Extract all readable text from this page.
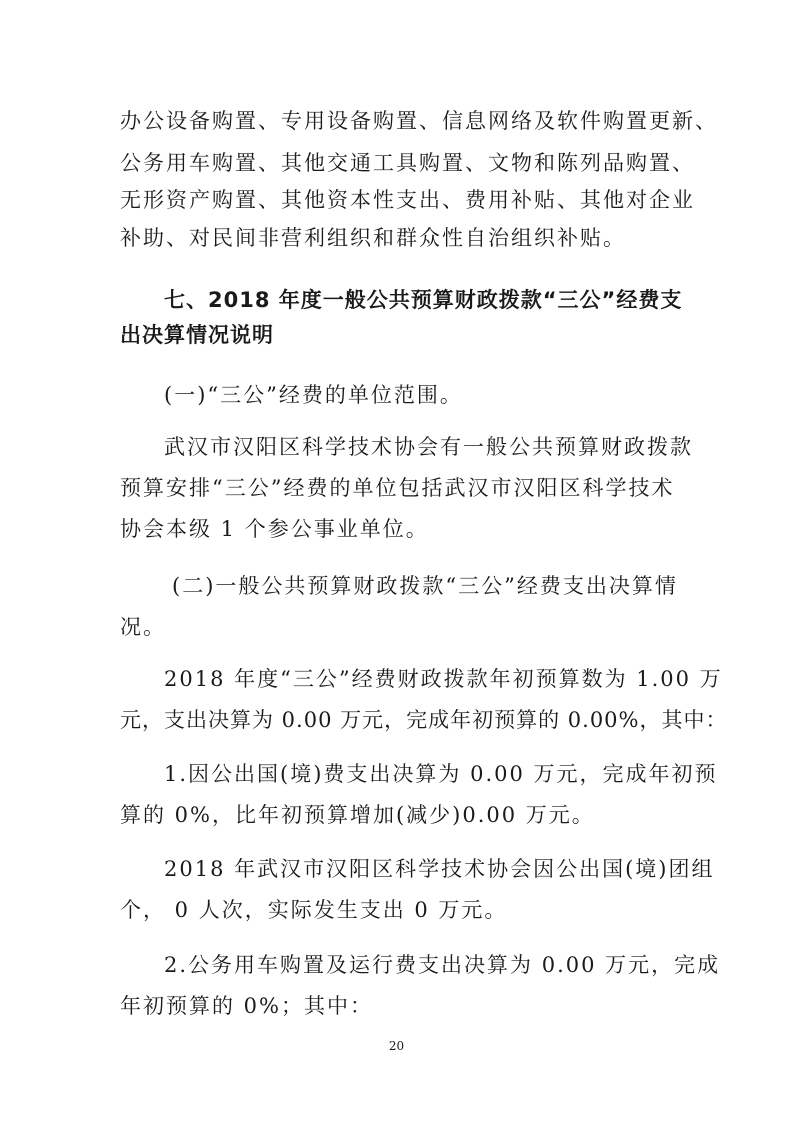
办公设备购置、专用设备购置、信息网络及软件购置更新、
公务用车购置、其他交通工具购置、文物和陈列品购置、
无形资产购置、其他资本性支出、费用补贴、其他对企业
补助、对民间非营利组织和群众性自治组织补贴。
七、2018 年度一般公共预算财政拨款“三公”经费支
出决算情况说明
(一)“三公”经费的单位范围。
武汉市汉阳区科学技术协会有一般公共预算财政拨款
预算安排“三公”经费的单位包括武汉市汉阳区科学技术
协会本级 1 个参公事业单位。
(二)一般公共预算财政拨款“三公”经费支出决算情
况。
2018 年度“三公”经费财政拨款年初预算数为 1.00 万
元，支出决算为 0.00 万元，完成年初预算的 0.00%，其中：
1.因公出国(境)费支出决算为 0.00 万元，完成年初预
算的 0%，比年初预算增加(减少)0.00 万元。
2018 年武汉市汉阳区科学技术协会因公出国(境)团组
个， 0 人次，实际发生支出 0 万元。
2.公务用车购置及运行费支出决算为 0.00 万元，完成
年初预算的 0%；其中：
20
